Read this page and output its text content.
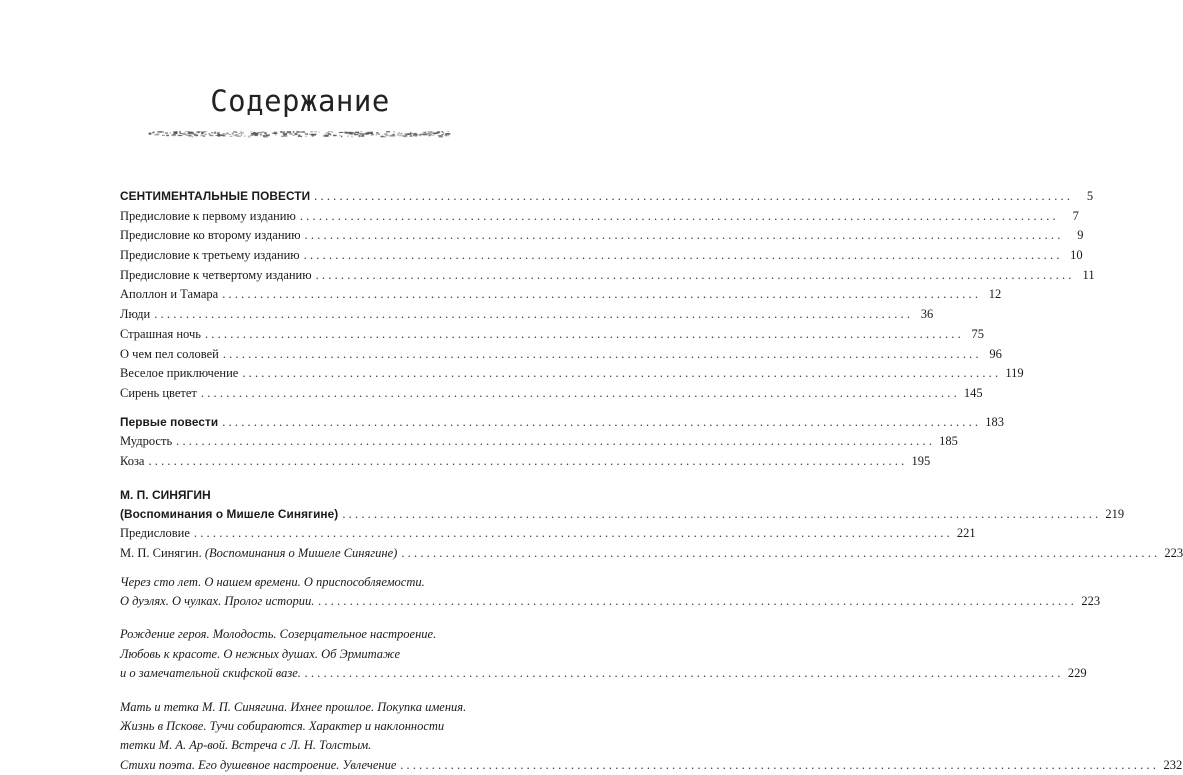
Содержание
СЕНТИМЕНТАЛЬНЫЕ ПОВЕСТИ ........................................................................................................................	5
Предисловие к первому изданию ........................................................................................................................	7
Предисловие ко второму изданию ........................................................................................................................	9
Предисловие к третьему изданию ........................................................................................................................ 10
Предисловие к четвертому изданию ........................................................................................................................ 11
Аполлон и Тамара ........................................................................................................................ 12
Люди ........................................................................................................................ 36
Страшная ночь ........................................................................................................................ 75
О чем пел соловей ........................................................................................................................ 96
Веселое приключение ........................................................................................................................ 119
Сирень цветет ........................................................................................................................ 145
Первые повести ........................................................................................................................ 183
Мудрость ........................................................................................................................ 185
Коза ........................................................................................................................ 195
М. П. СИНЯГИН
(Воспоминания о Мишеле Синягине) ........................................................................................................................ 219
Предисловие ........................................................................................................................ 221
М. П. Синягин. (Воспоминания о Мишеле Синягине) ........................................................................................................................ 223
Через сто лет. О нашем времени. О приспособляемости.
О дуэлях. О чулках. Пролог истории. ........................................................................................................................ 223
Рождение героя. Молодость. Созерцательное настроение.
Любовь к красоте. О нежных душах. Об Эрмитаже
и о замечательной скифской вазе. ........................................................................................................................ 229
Мать и тетка М. П. Синягина. Ихнее прошлое. Покупка имения.
Жизнь в Пскове. Тучи собираются. Характер и наклонности
тетки М. А. Ар-вой. Встреча с Л. Н. Толстым.
Стихи поэта. Его душевное настроение. Увлечение ........................................................................................................................ 232
